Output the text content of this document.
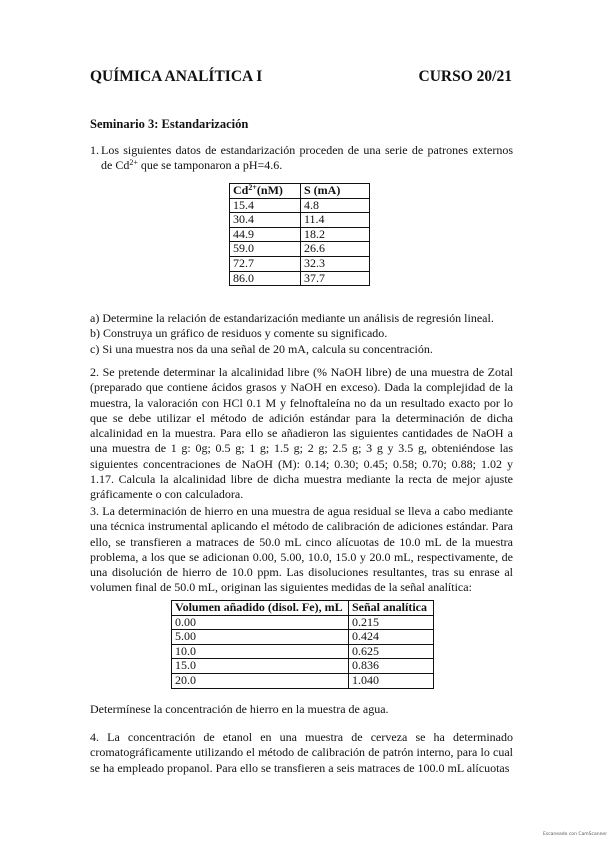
QUÍMICA ANALÍTICA I	CURSO 20/21
Seminario 3: Estandarización
1. Los siguientes datos de estandarización proceden de una serie de patrones externos de $Cd^{2+}$ que se tamponaron a pH=4.6.
$Cd^{2+}(nM)$	S (mA)
15.4	4.8
30.4	11.4
44.9	18.2
59.0	26.6
72.7	32.3
86.0	37.7
a) Determine la relación de estandarización mediante un análisis de regresión lineal.
b) Construya un gráfico de residuos y comente su significado.
c) Si una muestra nos da una señal de 20 mA, calcula su concentración.
2. Se pretende determinar la alcalinidad libre (% NaOH libre) de una muestra de Zotal (preparado que contiene ácidos grasos y NaOH en exceso). Dada la complejidad de la muestra, la valoración con HCl 0.1 M y felnoftaleína no da un resultado exacto por lo que se debe utilizar el método de adición estándar para la determinación de dicha alcalinidad en la muestra. Para ello se añadieron las siguientes cantidades de NaOH a una muestra de 1 g: 0g; 0.5 g; 1 g; 1.5 g; 2 g; 2.5 g; 3 g y 3.5 g, obteniéndose las siguientes concentraciones de NaOH (M): 0.14; 0.30; 0.45; 0.58; 0.70; 0.88; 1.02 y 1.17. Calcula la alcalinidad libre de dicha muestra mediante la recta de mejor ajuste gráficamente o con calculadora.
3. La determinación de hierro en una muestra de agua residual se lleva a cabo mediante una técnica instrumental aplicando el método de calibración de adiciones estándar. Para ello, se transfieren a matraces de 50.0 mL cinco alícuotas de 10.0 mL de la muestra problema, a los que se adicionan 0.00, 5.00, 10.0, 15.0 y 20.0 mL, respectivamente, de una disolución de hierro de 10.0 ppm. Las disoluciones resultantes, tras su enrase al volumen final de 50.0 mL, originan las siguientes medidas de la señal analítica:
Volumen añadido (disol. Fe), mL	Señal analítica
0.00	0.215
5.00	0.424
10.0	0.625
15.0	0.836
20.0	1.040
Determínese la concentración de hierro en la muestra de agua.
4. La concentración de etanol en una muestra de cerveza se ha determinado cromatográficamente utilizando el método de calibración de patrón interno, para lo cual se ha empleado propanol. Para ello se transfieren a seis matraces de 100.0 mL alícuotas
Escaneado con CamScanner
